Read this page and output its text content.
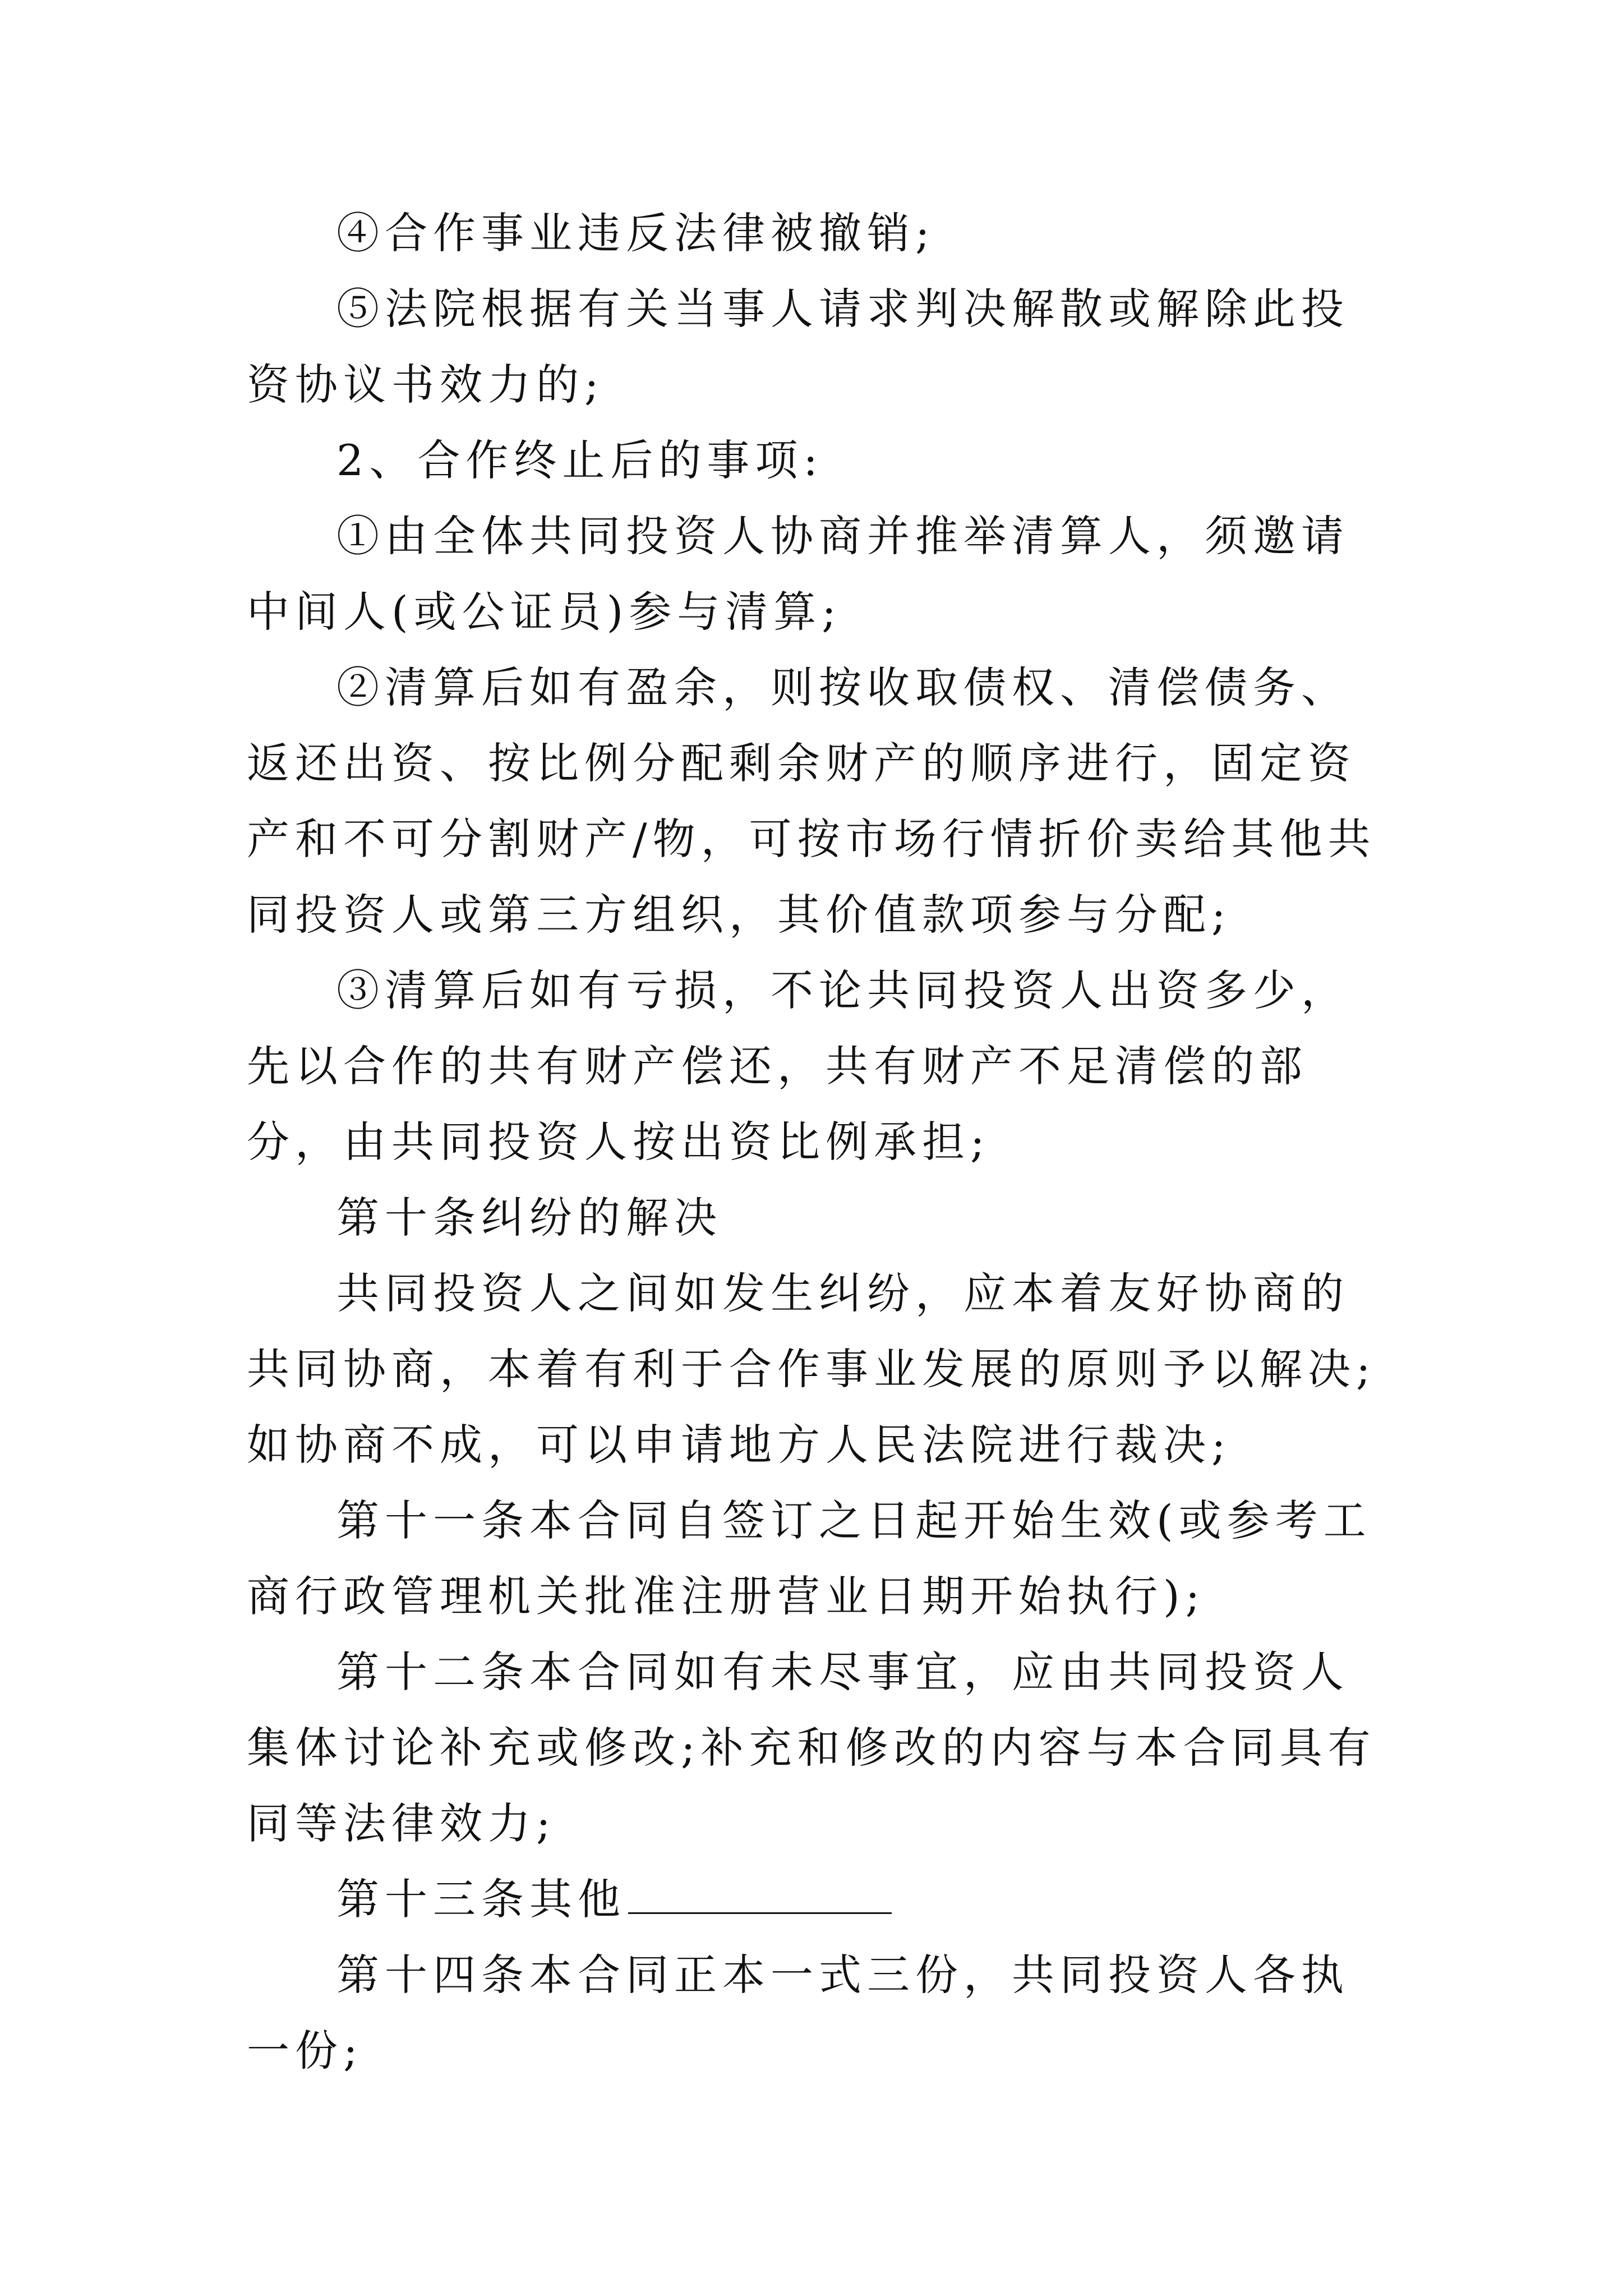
④合作事业违反法律被撤销;

⑤法院根据有关当事人请求判决解散或解除此投资协议书效力的;

2、合作终止后的事项:

①由全体共同投资人协商并推举清算人，须邀请中间人(或公证员)参与清算;

②清算后如有盈余，则按收取债权、清偿债务、返还出资、按比例分配剩余财产的顺序进行，固定资产和不可分割财产/物，可按市场行情折价卖给其他共同投资人或第三方组织，其价值款项参与分配;

③清算后如有亏损，不论共同投资人出资多少，先以合作的共有财产偿还，共有财产不足清偿的部分，由共同投资人按出资比例承担;

第十条纠纷的解决

共同投资人之间如发生纠纷，应本着友好协商的共同协商，本着有利于合作事业发展的原则予以解决;如协商不成，可以申请地方人民法院进行裁决;

第十一条本合同自签订之日起开始生效(或参考工商行政管理机关批准注册营业日期开始执行);

第十二条本合同如有未尽事宜，应由共同投资人集体讨论补充或修改;补充和修改的内容与本合同具有同等法律效力;

第十三条其他

第十四条本合同正本一式三份，共同投资人各执一份;
